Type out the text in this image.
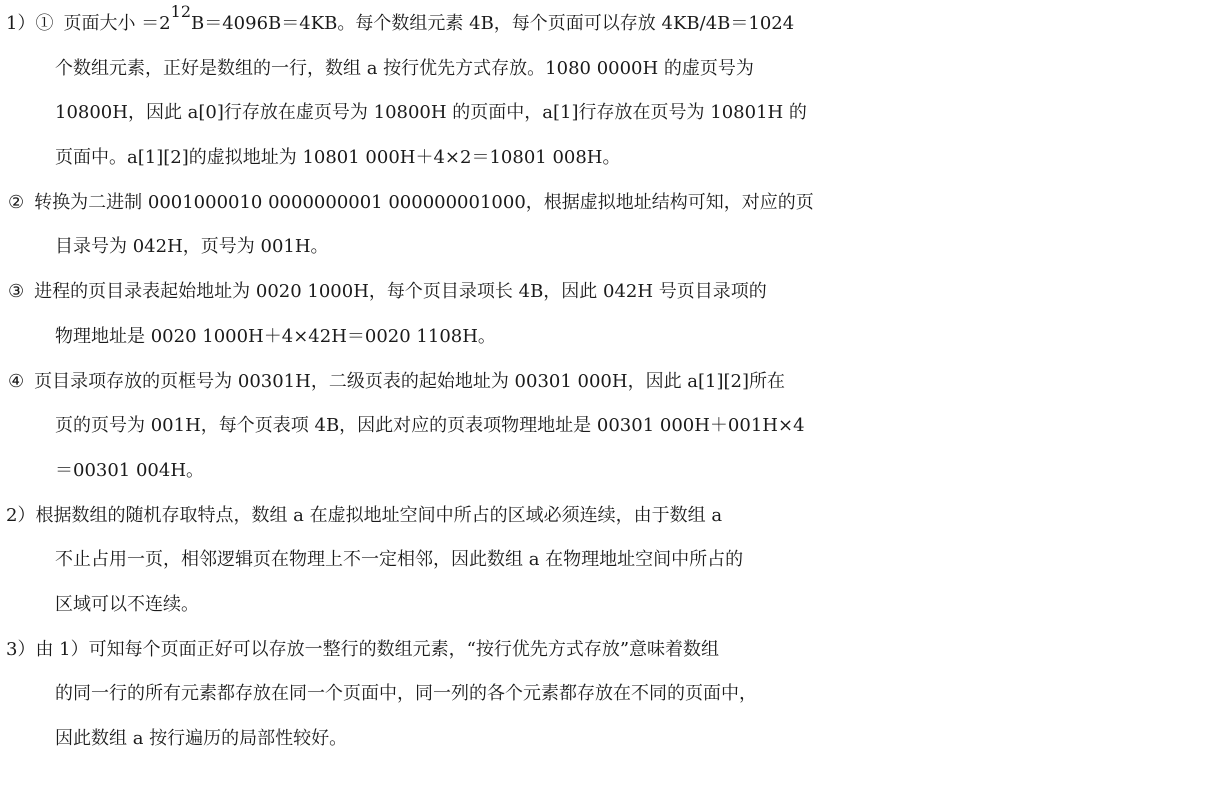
1）① 页面大小 $=2^{12}B=4096B=4KB$。每个数组元素 4B，每个页面可以存放 4KB/4B＝1024
个数组元素，正好是数组的一行，数组 a 按行优先方式存放。1080 0000H 的虚页号为
10800H，因此 a[0]行存放在虚页号为 10800H 的页面中，a[1]行存放在页号为 10801H 的
页面中。a[1][2]的虚拟地址为 10801 000H＋4×2＝10801 008H。
② 转换为二进制 0001000010 0000000001 000000001000，根据虚拟地址结构可知，对应的页
目录号为 042H，页号为 001H。
③ 进程的页目录表起始地址为 0020 1000H，每个页目录项长 4B，因此 042H 号页目录项的
物理地址是 0020 1000H＋4×42H＝0020 1108H。
④ 页目录项存放的页框号为 00301H，二级页表的起始地址为 00301 000H，因此 a[1][2]所在
页的页号为 001H，每个页表项 4B，因此对应的页表项物理地址是 00301 000H＋001H×4
＝00301 004H。
2）根据数组的随机存取特点，数组 a 在虚拟地址空间中所占的区域必须连续，由于数组 a
不止占用一页，相邻逻辑页在物理上不一定相邻，因此数组 a 在物理地址空间中所占的
区域可以不连续。
3）由 1）可知每个页面正好可以存放一整行的数组元素，“按行优先方式存放”意味着数组
的同一行的所有元素都存放在同一个页面中，同一列的各个元素都存放在不同的页面中，
因此数组 a 按行遍历的局部性较好。
